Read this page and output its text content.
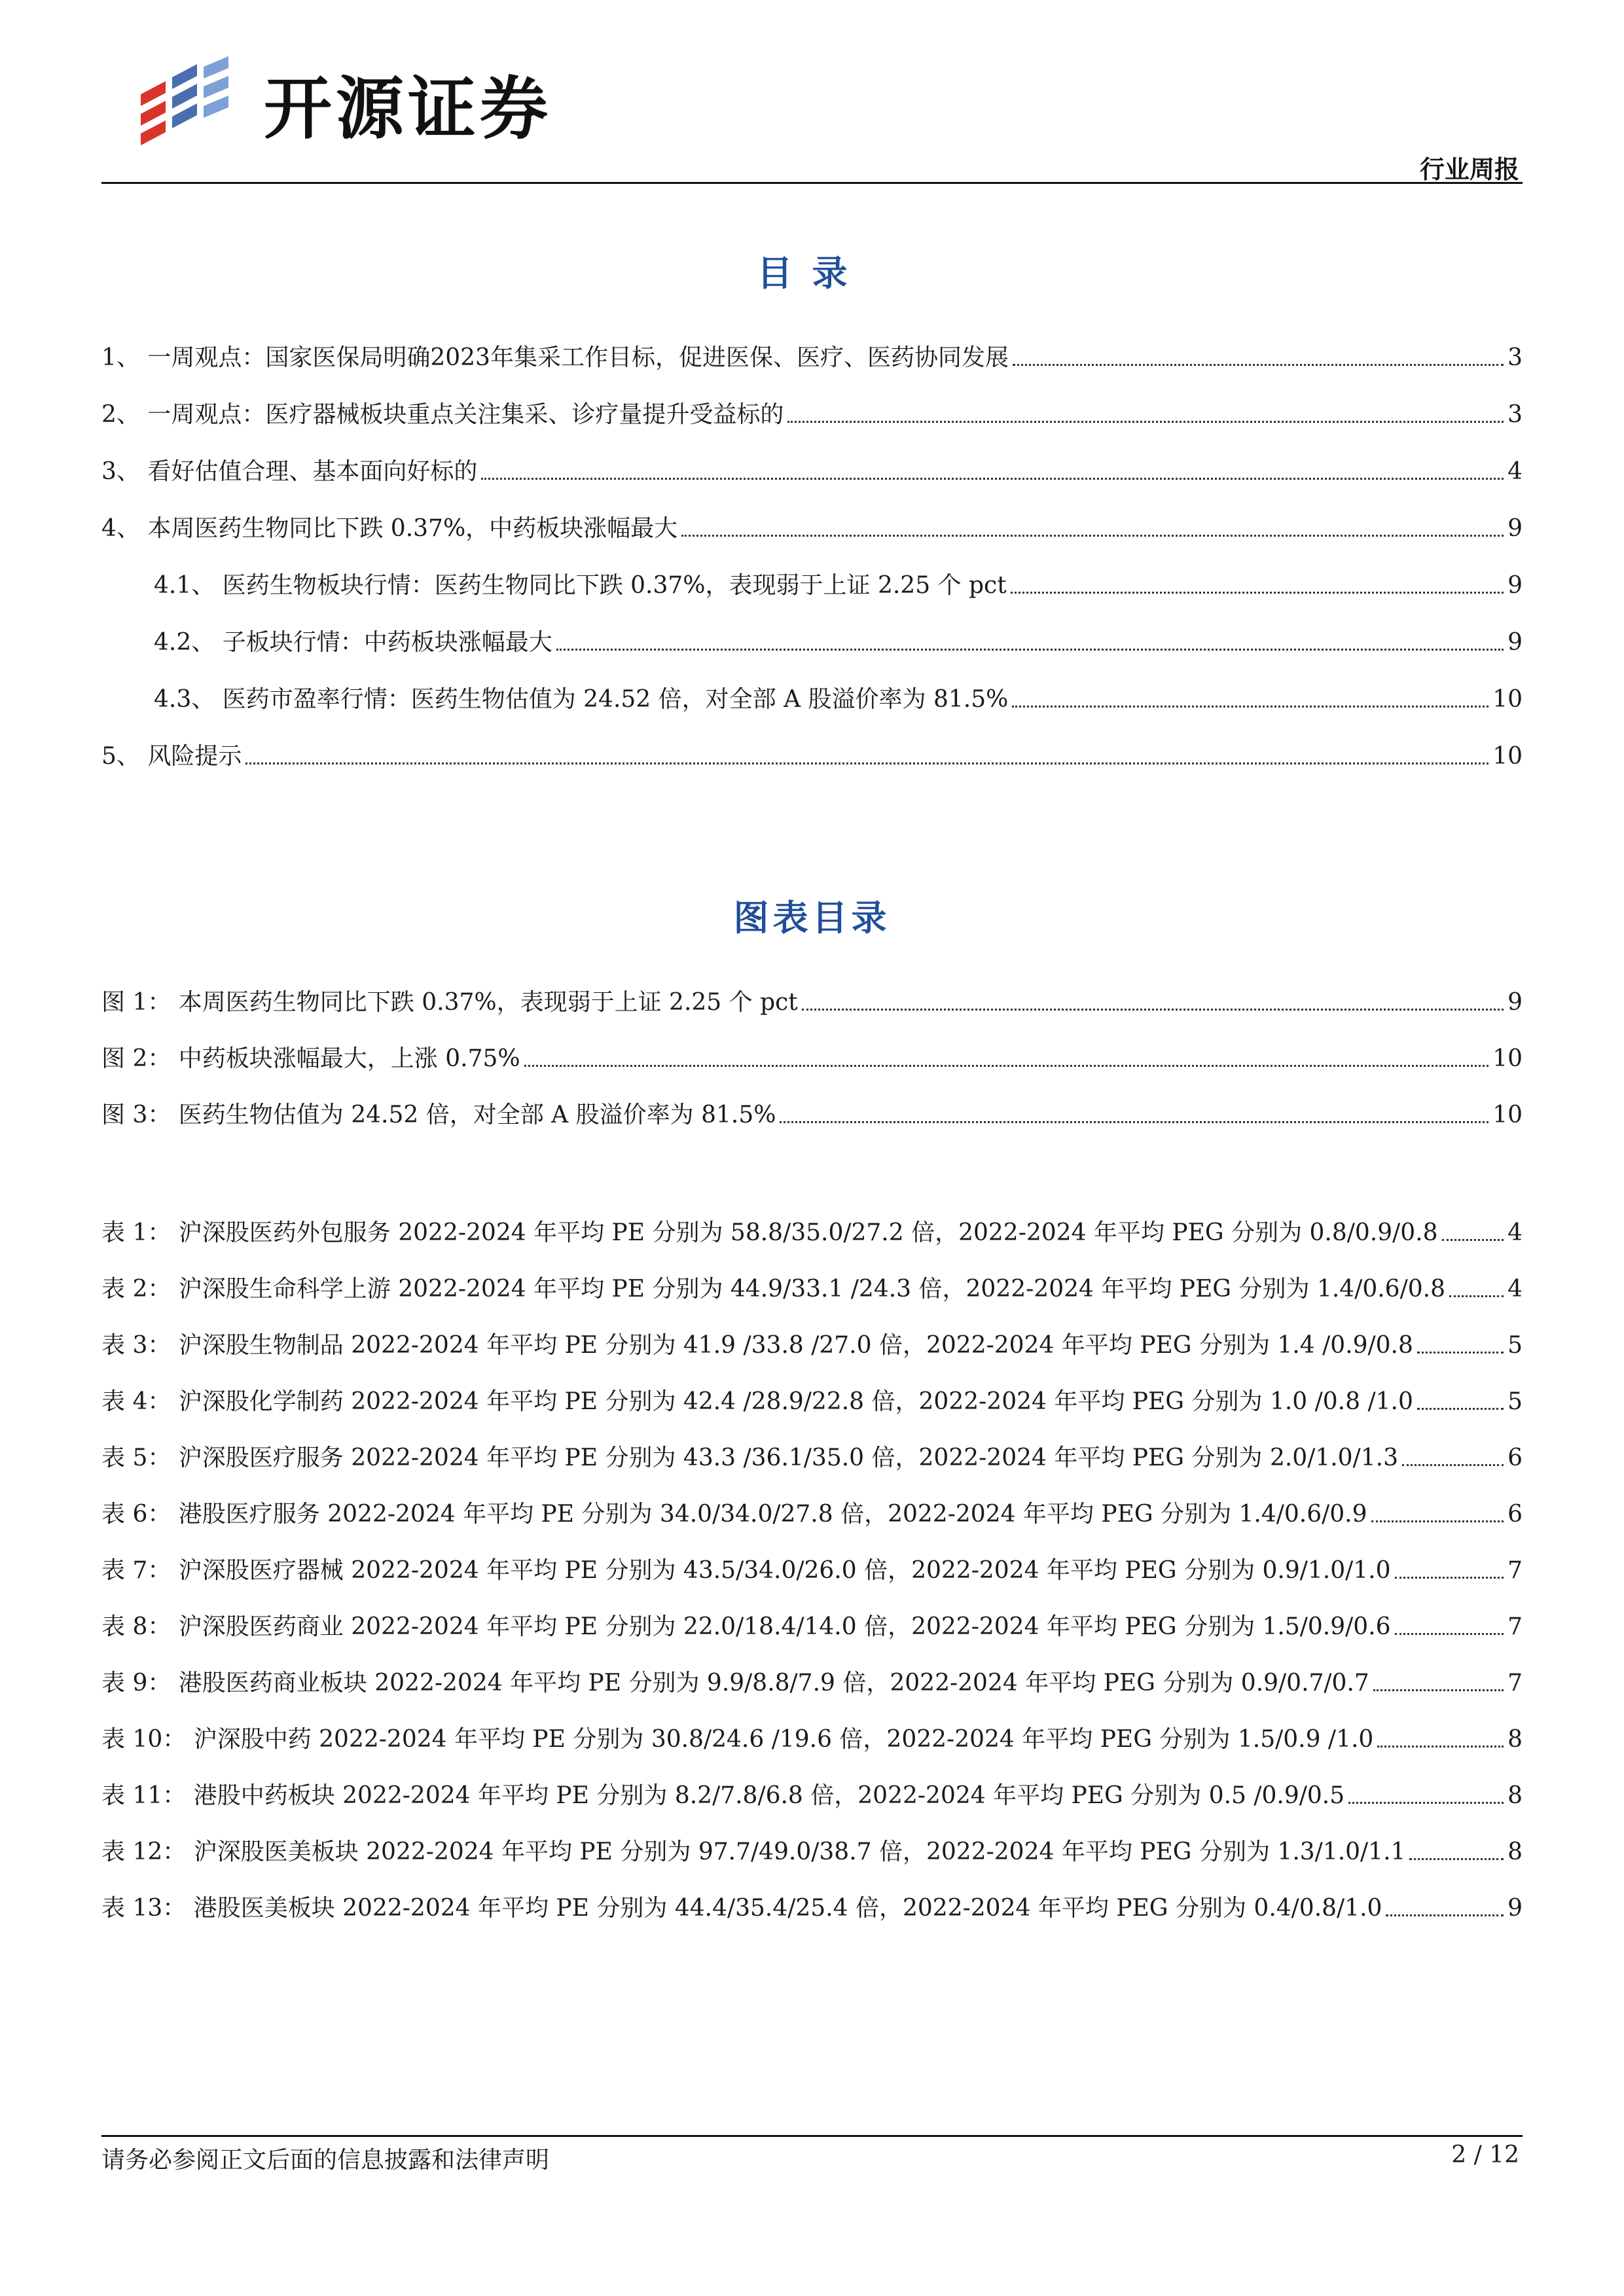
开源证券
行业周报
目录
1、 一周观点：国家医保局明确2023年集采工作目标，促进医保、医疗、医药协同发展	3
2、 一周观点：医疗器械板块重点关注集采、诊疗量提升受益标的	3
3、 看好估值合理、基本面向好标的	4
4、 本周医药生物同比下跌 0.37%，中药板块涨幅最大	9
4.1、 医药生物板块行情：医药生物同比下跌 0.37%，表现弱于上证 2.25 个 pct	9
4.2、 子板块行情：中药板块涨幅最大	9
4.3、 医药市盈率行情：医药生物估值为 24.52 倍，对全部 A 股溢价率为 81.5%	10
5、 风险提示	10
图表目录
图 1： 本周医药生物同比下跌 0.37%，表现弱于上证 2.25 个 pct	9
图 2： 中药板块涨幅最大，上涨 0.75%	10
图 3： 医药生物估值为 24.52 倍，对全部 A 股溢价率为 81.5%	10
表 1： 沪深股医药外包服务 2022-2024 年平均 PE 分别为 58.8/35.0/27.2 倍，2022-2024 年平均 PEG 分别为 0.8/0.9/0.8	4
表 2： 沪深股生命科学上游 2022-2024 年平均 PE 分别为 44.9/33.1 /24.3 倍，2022-2024 年平均 PEG 分别为 1.4/0.6/0.8	4
表 3： 沪深股生物制品 2022-2024 年平均 PE 分别为 41.9 /33.8 /27.0 倍，2022-2024 年平均 PEG 分别为 1.4 /0.9/0.8	5
表 4： 沪深股化学制药 2022-2024 年平均 PE 分别为 42.4 /28.9/22.8 倍，2022-2024 年平均 PEG 分别为 1.0 /0.8 /1.0	5
表 5： 沪深股医疗服务 2022-2024 年平均 PE 分别为 43.3 /36.1/35.0 倍，2022-2024 年平均 PEG 分别为 2.0/1.0/1.3	6
表 6： 港股医疗服务 2022-2024 年平均 PE 分别为 34.0/34.0/27.8 倍，2022-2024 年平均 PEG 分别为 1.4/0.6/0.9	6
表 7： 沪深股医疗器械 2022-2024 年平均 PE 分别为 43.5/34.0/26.0 倍，2022-2024 年平均 PEG 分别为 0.9/1.0/1.0	7
表 8： 沪深股医药商业 2022-2024 年平均 PE 分别为 22.0/18.4/14.0 倍，2022-2024 年平均 PEG 分别为 1.5/0.9/0.6	7
表 9： 港股医药商业板块 2022-2024 年平均 PE 分别为 9.9/8.8/7.9 倍，2022-2024 年平均 PEG 分别为 0.9/0.7/0.7	7
表 10： 沪深股中药 2022-2024 年平均 PE 分别为 30.8/24.6 /19.6 倍，2022-2024 年平均 PEG 分别为 1.5/0.9 /1.0	8
表 11： 港股中药板块 2022-2024 年平均 PE 分别为 8.2/7.8/6.8 倍，2022-2024 年平均 PEG 分别为 0.5 /0.9/0.5	8
表 12： 沪深股医美板块 2022-2024 年平均 PE 分别为 97.7/49.0/38.7 倍，2022-2024 年平均 PEG 分别为 1.3/1.0/1.1	8
表 13： 港股医美板块 2022-2024 年平均 PE 分别为 44.4/35.4/25.4 倍，2022-2024 年平均 PEG 分别为 0.4/0.8/1.0	9
请务必参阅正文后面的信息披露和法律声明	2 / 12
